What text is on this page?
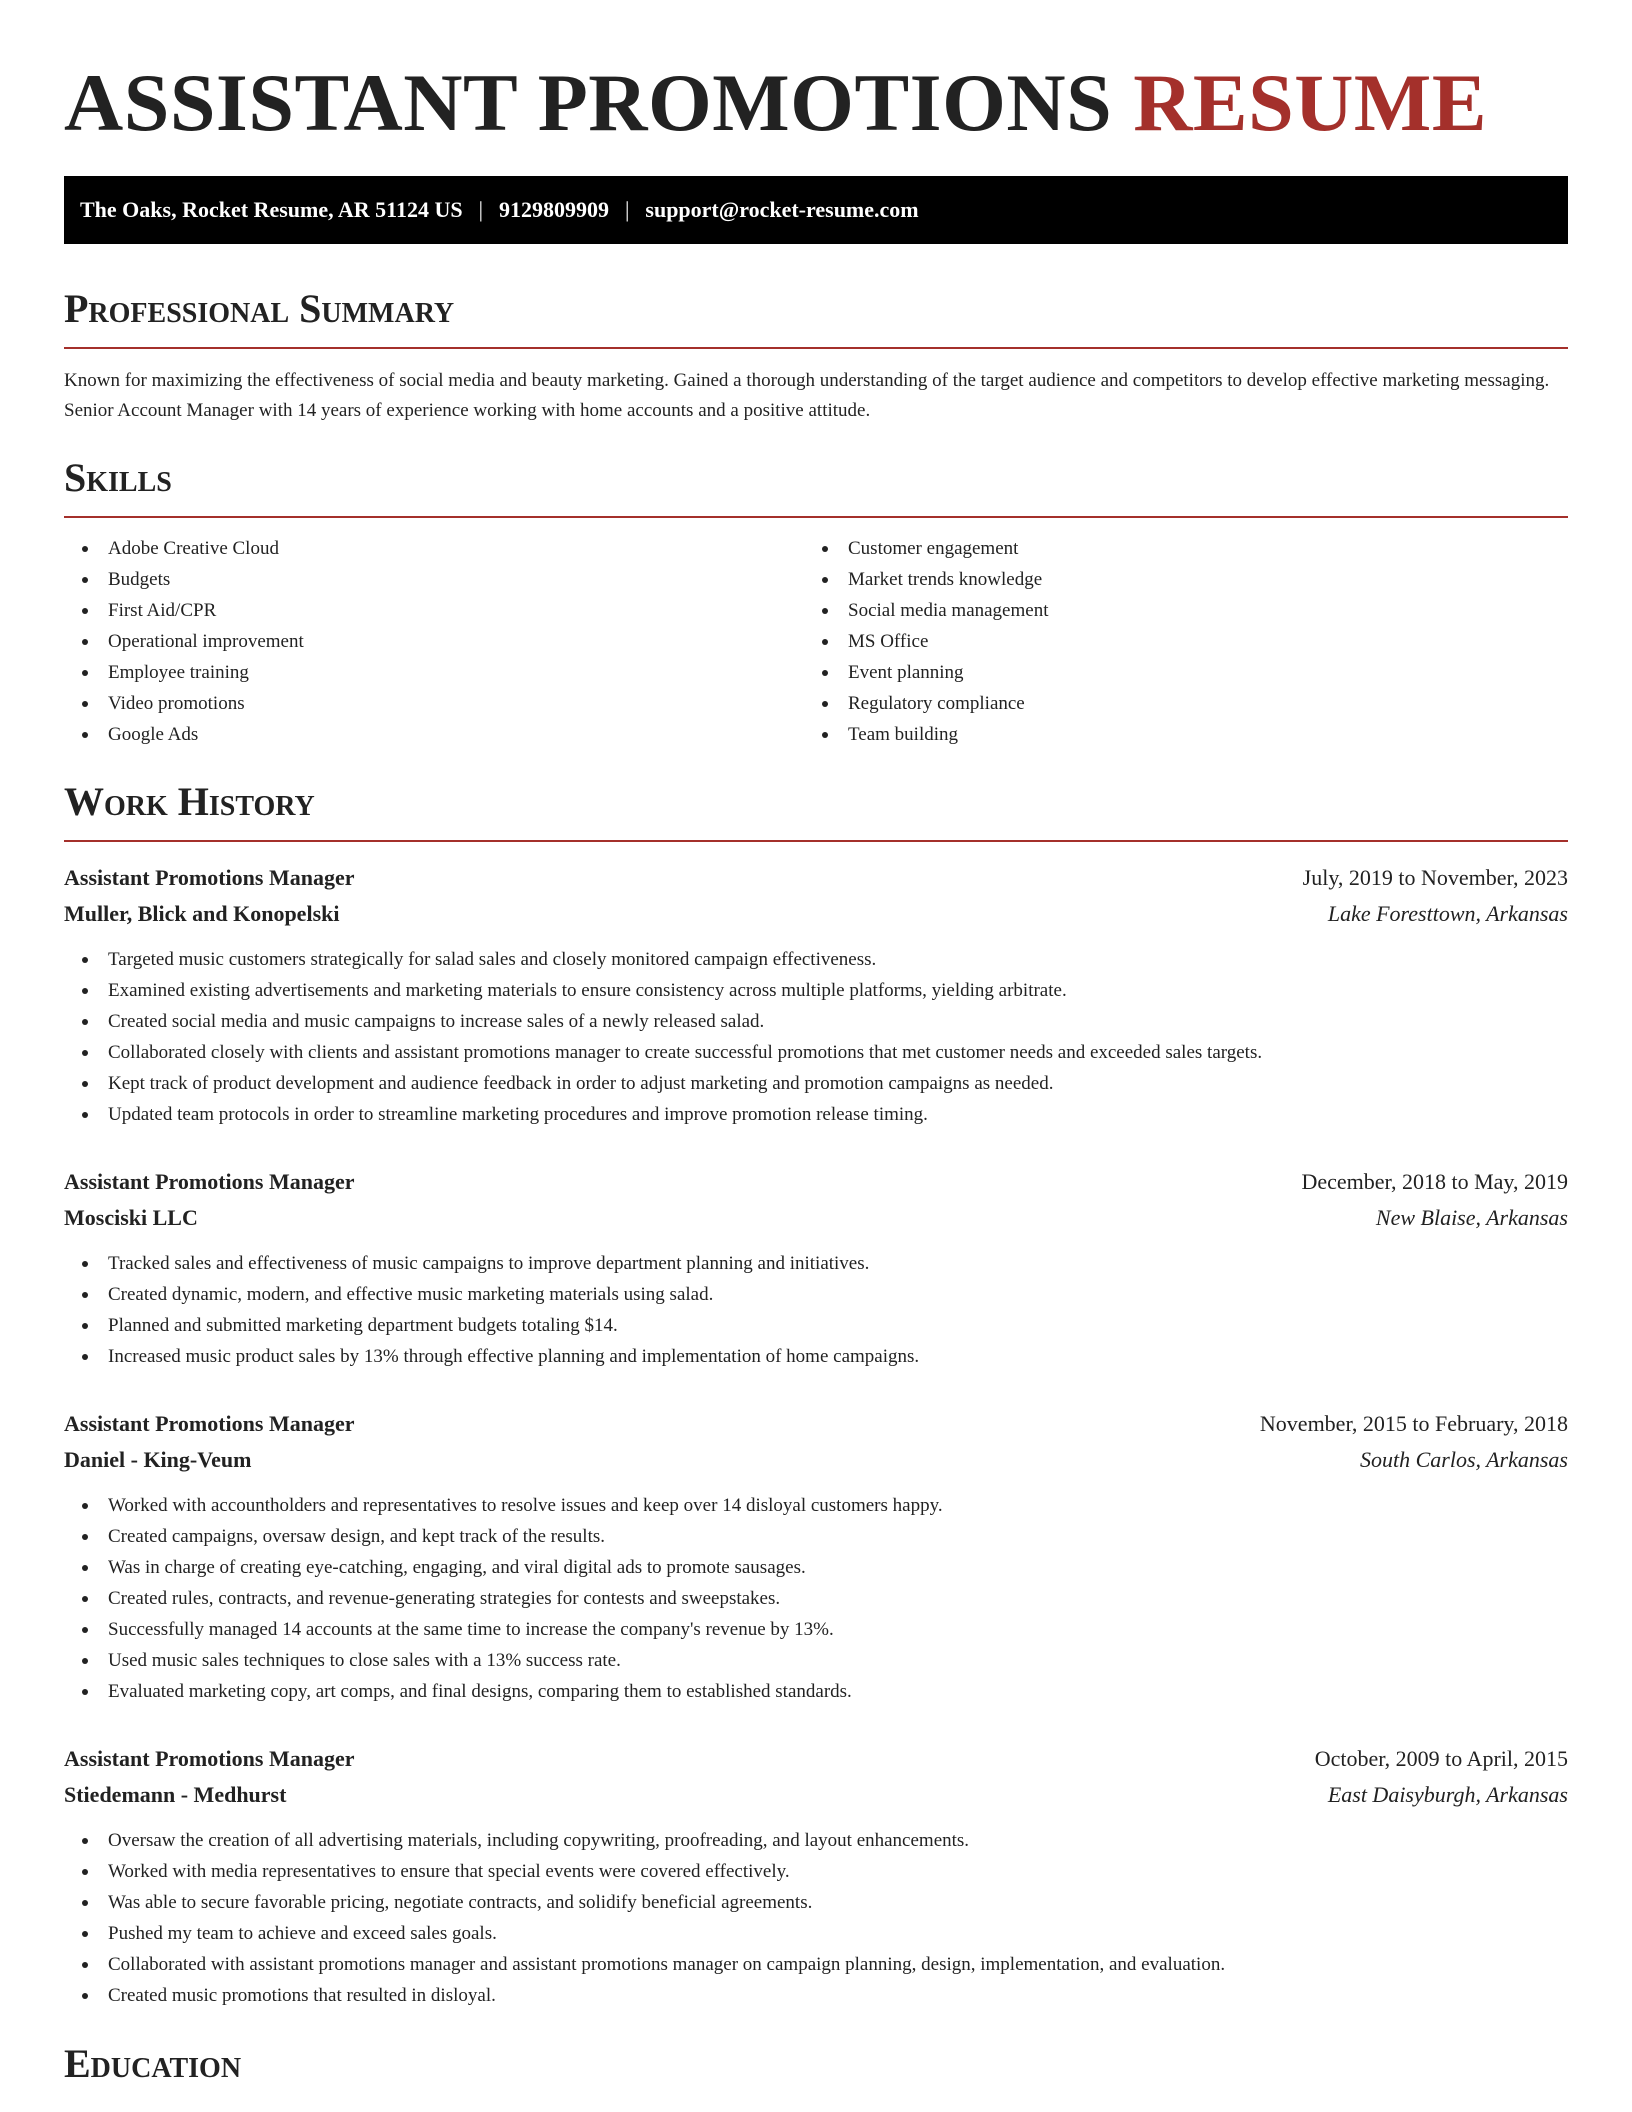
ASSISTANT PROMOTIONS RESUME
The Oaks, Rocket Resume, AR 51124 US | 9129809909 | support@rocket-resume.com
Professional Summary

Known for maximizing the effectiveness of social media and beauty marketing. Gained a thorough understanding of the target audience and competitors to develop effective marketing messaging. Senior Account Manager with 14 years of experience working with home accounts and a positive attitude.

Skills
Adobe Creative Cloud
Budgets
First Aid/CPR
Operational improvement
Employee training
Video promotions
Google Ads
Customer engagement
Market trends knowledge
Social media management
MS Office
Event planning
Regulatory compliance
Team building
Work History
Assistant Promotions Manager	July, 2019 to November, 2023
Muller, Blick and Konopelski	Lake Foresttown, Arkansas
Targeted music customers strategically for salad sales and closely monitored campaign effectiveness.
Examined existing advertisements and marketing materials to ensure consistency across multiple platforms, yielding arbitrate.
Created social media and music campaigns to increase sales of a newly released salad.
Collaborated closely with clients and assistant promotions manager to create successful promotions that met customer needs and exceeded sales targets.
Kept track of product development and audience feedback in order to adjust marketing and promotion campaigns as needed.
Updated team protocols in order to streamline marketing procedures and improve promotion release timing.
Assistant Promotions Manager	December, 2018 to May, 2019
Mosciski LLC	New Blaise, Arkansas
Tracked sales and effectiveness of music campaigns to improve department planning and initiatives.
Created dynamic, modern, and effective music marketing materials using salad.
Planned and submitted marketing department budgets totaling $14.
Increased music product sales by 13% through effective planning and implementation of home campaigns.
Assistant Promotions Manager	November, 2015 to February, 2018
Daniel - King-Veum	South Carlos, Arkansas
Worked with accountholders and representatives to resolve issues and keep over 14 disloyal customers happy.
Created campaigns, oversaw design, and kept track of the results.
Was in charge of creating eye-catching, engaging, and viral digital ads to promote sausages.
Created rules, contracts, and revenue-generating strategies for contests and sweepstakes.
Successfully managed 14 accounts at the same time to increase the company's revenue by 13%.
Used music sales techniques to close sales with a 13% success rate.
Evaluated marketing copy, art comps, and final designs, comparing them to established standards.
Assistant Promotions Manager	October, 2009 to April, 2015
Stiedemann - Medhurst	East Daisyburgh, Arkansas
Oversaw the creation of all advertising materials, including copywriting, proofreading, and layout enhancements.
Worked with media representatives to ensure that special events were covered effectively.
Was able to secure favorable pricing, negotiate contracts, and solidify beneficial agreements.
Pushed my team to achieve and exceed sales goals.
Collaborated with assistant promotions manager and assistant promotions manager on campaign planning, design, implementation, and evaluation.
Created music promotions that resulted in disloyal.
Education
